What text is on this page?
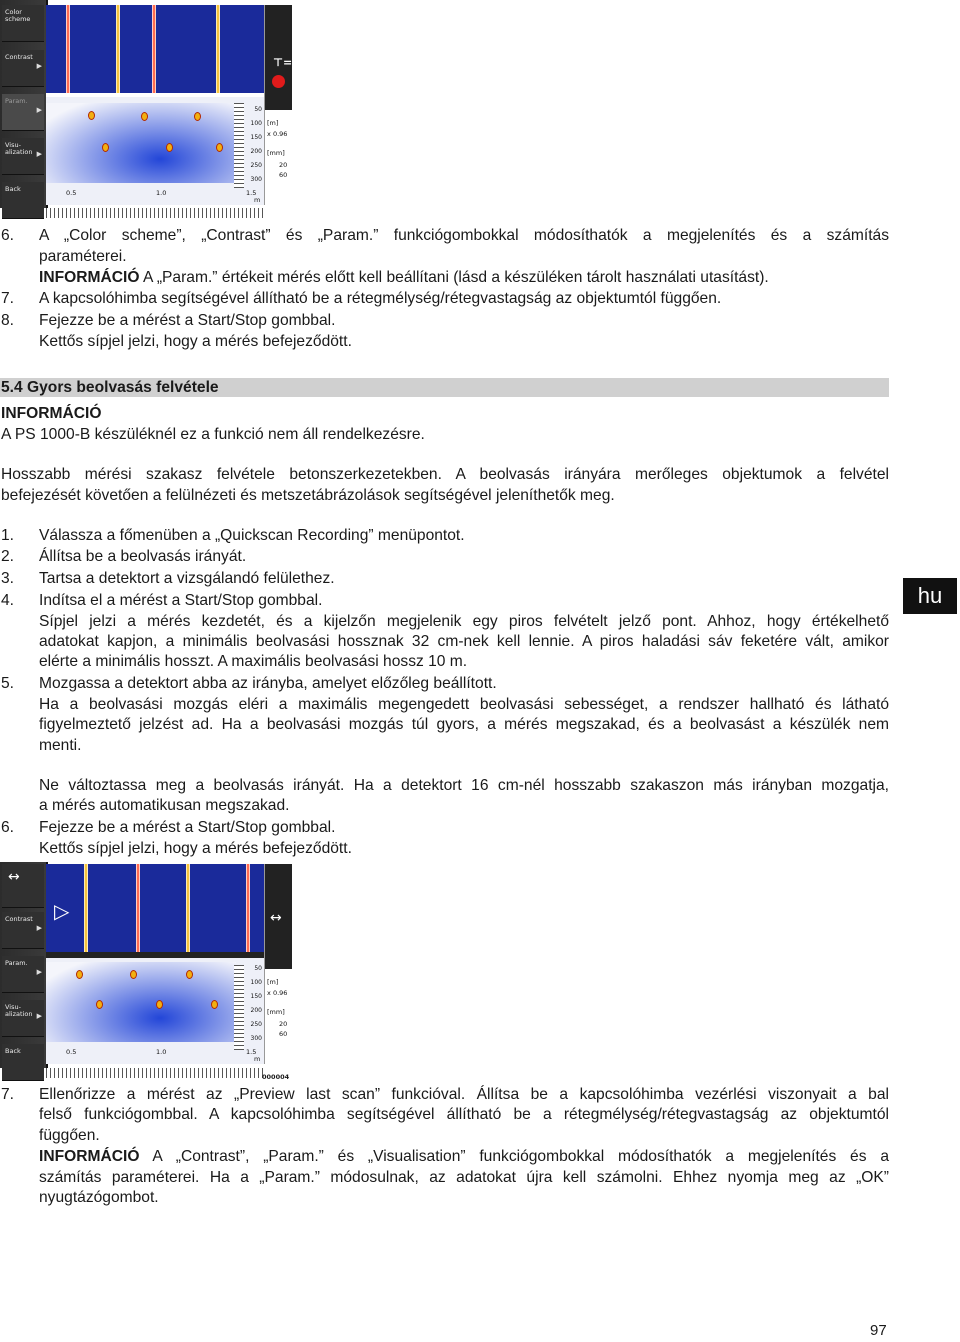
Color scheme
Contrast
▶
Param.
▶
Visu-alization ▶
Back
50
100
150
200
250
300
0.5	1.0	1.5
m
⊤=
[m]
x 0.96
[mm]
20
60
6. A „Color scheme”, „Contrast” és „Param.” funkciógombokkal módosíthatók a megjelenítés és a számítás
paraméterei.
INFORMÁCIÓ A „Param.” értékeit mérés előtt kell beállítani (lásd a készüléken tárolt használati utasítást).
7. A kapcsolóhimba segítségével állítható be a rétegmélység/rétegvastagság az objektumtól függően.
8. Fejezze be a mérést a Start/Stop gombbal.
Kettős sípjel jelzi, hogy a mérés befejeződött.
5.4 Gyors beolvasás felvétele
INFORMÁCIÓ
A PS 1000-B készüléknél ez a funkció nem áll rendelkezésre.
Hosszabb mérési szakasz felvétele betonszerkezetekben. A beolvasás irányára merőleges objektumok a felvétel
befejezését követően a felülnézeti és metszetábrázolások segítségével jeleníthetők meg.
1. Válassza a főmenüben a „Quickscan Recording” menüpontot.
2. Állítsa be a beolvasás irányát.
3. Tartsa a detektort a vizsgálandó felülethez.
4. Indítsa el a mérést a Start/Stop gombbal.
Sípjel jelzi a mérés kezdetét, és a kijelzőn megjelenik egy piros felvételt jelző pont. Ahhoz, hogy értékelhető
adatokat kapjon, a minimális beolvasási hossznak 32 cm-nek kell lennie. A piros haladási sáv feketére vált, amikor
elérte a minimális hosszt. A maximális beolvasási hossz 10 m.
5. Mozgassa a detektort abba az irányba, amelyet előzőleg beállított.
Ha a beolvasási mozgás eléri a maximális megengedett beolvasási sebességet, a rendszer hallható és látható
figyelmeztető jelzést ad. Ha a beolvasási mozgás túl gyors, a mérés megszakad, és a beolvasást a készülék nem
menti.
Ne változtassa meg a beolvasás irányát. Ha a detektort 16 cm-nél hosszabb szakaszon más irányban mozgatja,
a mérés automatikusan megszakad.
6. Fejezze be a mérést a Start/Stop gombbal.
Kettős sípjel jelzi, hogy a mérés befejeződött.
↔
Contrast
▶
Param.
▶
Visu-alization ▶
Back
▷
50
100
150
200
250
300
0.5	1.0	1.5
m
↔
[m]
x 0.96
[mm]
20
60
000004
7. Ellenőrizze a mérést az „Preview last scan” funkcióval. Állítsa be a kapcsolóhimba vezérlési viszonyait a bal
felső funkciógombbal. A kapcsolóhimba segítségével állítható be a rétegmélység/rétegvastagság az objektumtól
függően.
INFORMÁCIÓ A „Contrast”, „Param.” és „Visualisation” funkciógombokkal módosíthatók a megjelenítés és a
számítás paraméterei. Ha a „Param.” módosulnak, az adatokat újra kell számolni. Ehhez nyomja meg az „OK”
nyugtázógombot.
hu
97
